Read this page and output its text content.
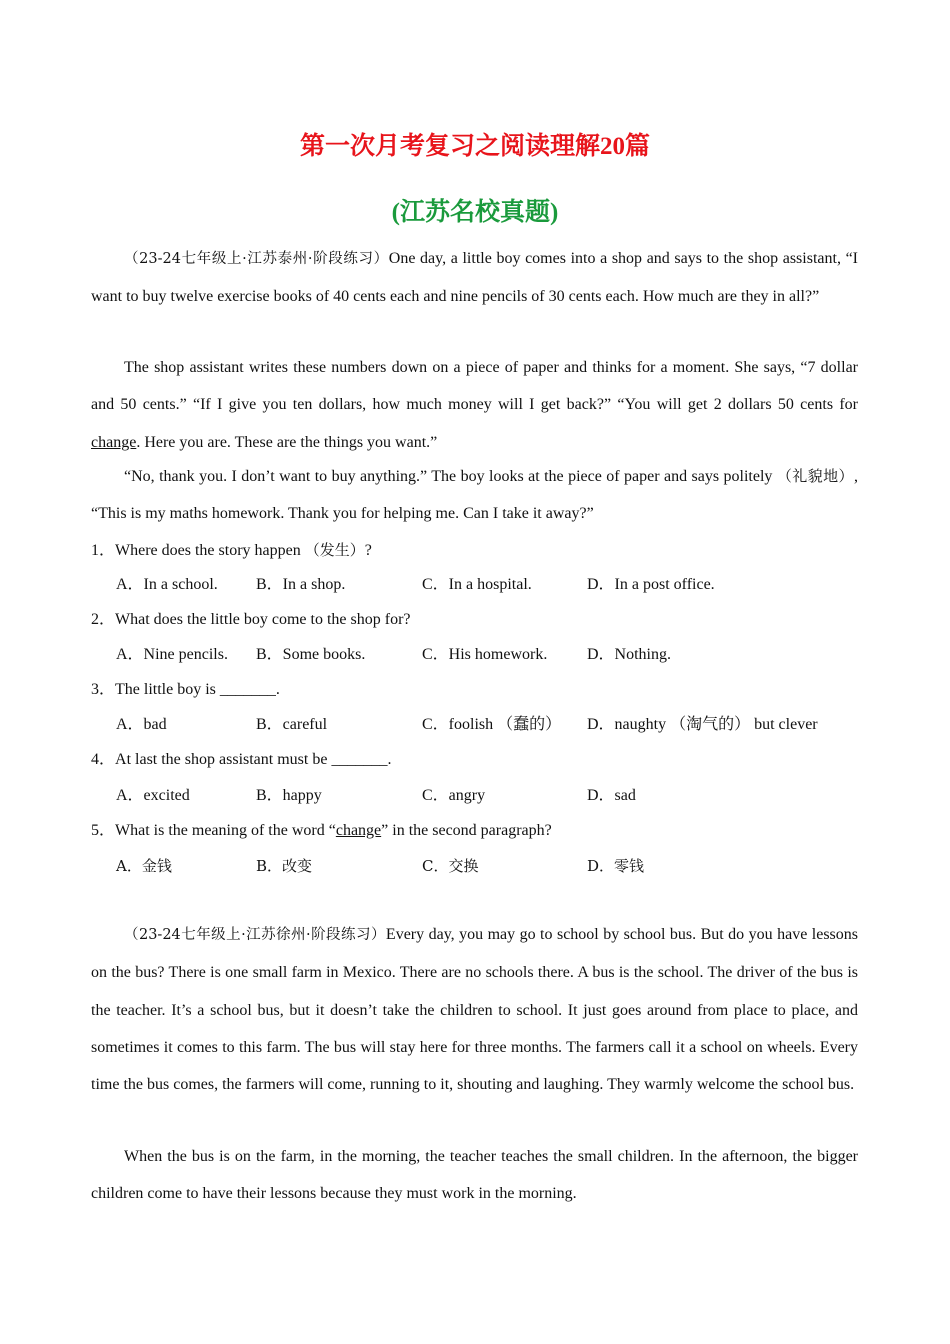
第一次月考复习之阅读理解20篇
(江苏名校真题)
（23-24七年级上·江苏泰州·阶段练习）One day, a little boy comes into a shop and says to the shop assistant, “I want to buy twelve exercise books of 40 cents each and nine pencils of 30 cents each. How much are they in all?”
The shop assistant writes these numbers down on a piece of paper and thinks for a moment. She says, “7 dollar and 50 cents.” “If I give you ten dollars, how much money will I get back?” “You will get 2 dollars 50 cents for change. Here you are. These are the things you want.”
“No, thank you. I don’t want to buy anything.” The boy looks at the piece of paper and says politely （礼貌地）, “This is my maths homework. Thank you for helping me. Can I take it away?”
1．Where does the story happen （发生）?
A．In a school. B．In a shop.	C．In a hospital.	D．In a post office.
2．What does the little boy come to the shop for?
A．Nine pencils. B．Some books.	C．His homework. D．Nothing.
3．The little boy is _______.
A．bad	B．careful	C．foolish （蠢的） D．naughty （淘气的） but clever
4．At last the shop assistant must be _______.
A．excited	B．happy	C．angry	D．sad
5．What is the meaning of the word “change” in the second paragraph?
A．金钱	B．改变	C．交换	D．零钱
（23-24七年级上·江苏徐州·阶段练习）Every day, you may go to school by school bus. But do you have lessons on the bus? There is one small farm in Mexico. There are no schools there. A bus is the school. The driver of the bus is the teacher. It’s a school bus, but it doesn’t take the children to school. It just goes around from place to place, and sometimes it comes to this farm. The bus will stay here for three months. The farmers call it a school on wheels. Every time the bus comes, the farmers will come, running to it, shouting and laughing. They warmly welcome the school bus.
When the bus is on the farm, in the morning, the teacher teaches the small children. In the afternoon, the bigger children come to have their lessons because they must work in the morning.
